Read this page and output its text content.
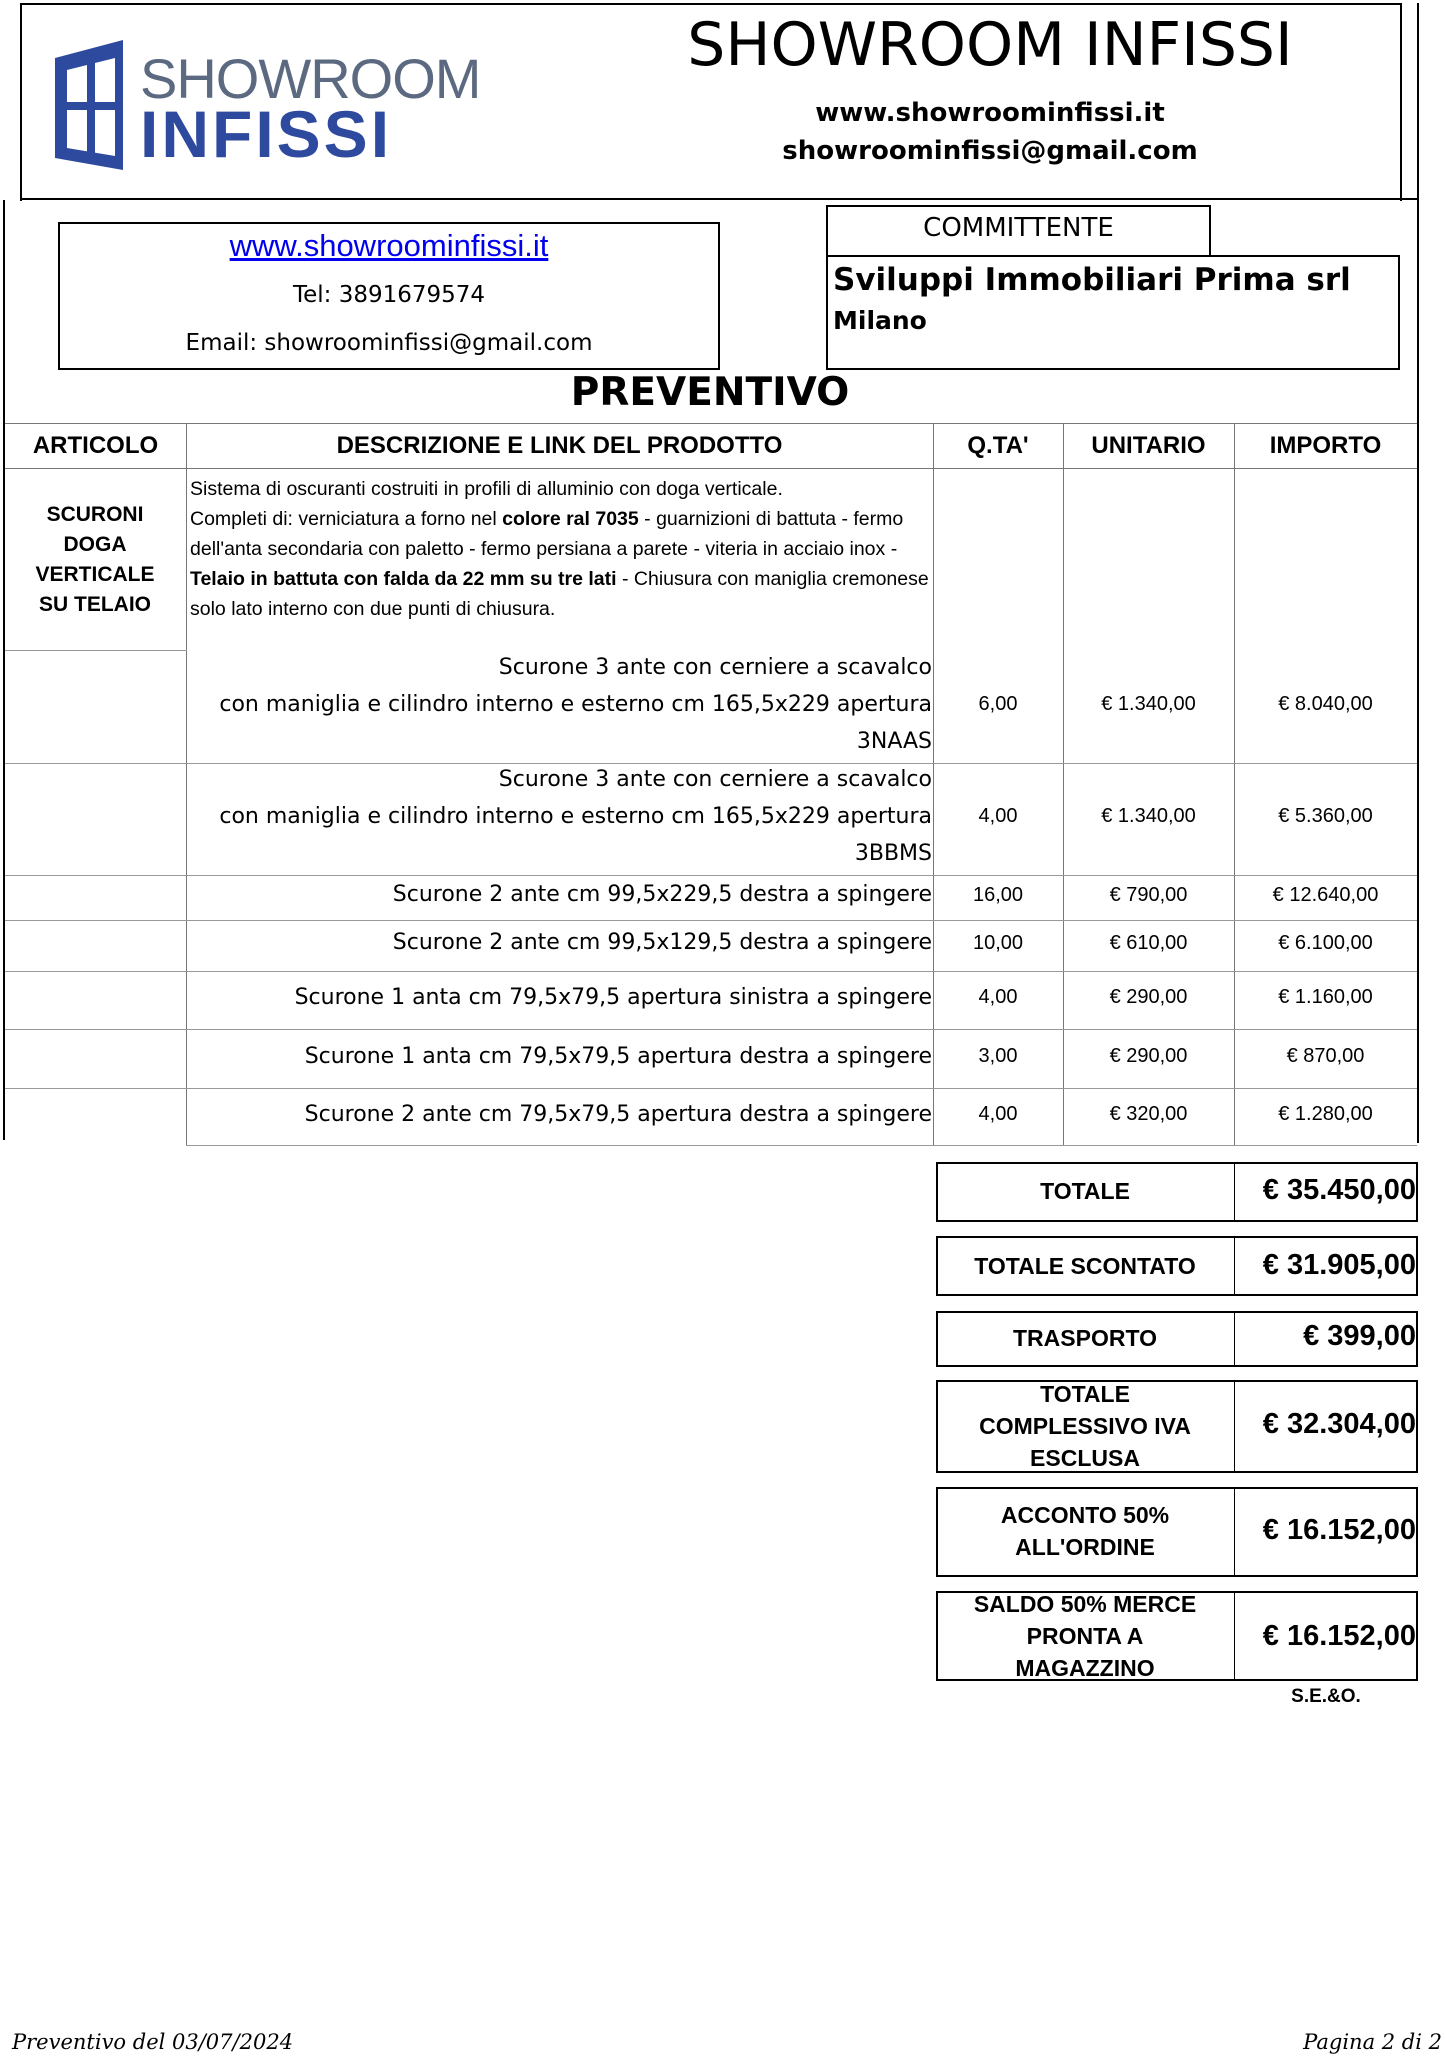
SHOWROOM
INFISSI
SHOWROOM INFISSI
www.showroominfissi.it
showroominfissi@gmail.com
www.showroominfissi.it
Tel: 3891679574
Email: showroominfissi@gmail.com
COMMITTENTE
Sviluppi Immobiliari Prima srl
Milano
PREVENTIVO
ARTICOLO	DESCRIZIONE E LINK DEL PRODOTTO	Q.TA'	UNITARIO	IMPORTO
SCURONI DOGA VERTICALE SU TELAIO
Sistema di oscuranti costruiti in profili di alluminio con doga verticale.
Completi di: verniciatura a forno nel colore ral 7035 - guarnizioni di battuta - fermo dell'anta secondaria con paletto - fermo persiana a parete - viteria in acciaio inox - Telaio in battuta con falda da 22 mm su tre lati - Chiusura con maniglia cremonese solo lato interno con due punti di chiusura.
Scurone 3 ante con cerniere a scavalco
con maniglia e cilindro interno e esterno cm 165,5x229 apertura
3NAAS
6,00	€ 1.340,00	€ 8.040,00
Scurone 3 ante con cerniere a scavalco
con maniglia e cilindro interno e esterno cm 165,5x229 apertura
3BBMS
4,00	€ 1.340,00	€ 5.360,00
Scurone 2 ante cm 99,5x229,5 destra a spingere	16,00	€ 790,00	€ 12.640,00
Scurone 2 ante cm 99,5x129,5 destra a spingere	10,00	€ 610,00	€ 6.100,00
Scurone 1 anta cm 79,5x79,5 apertura sinistra a spingere	4,00	€ 290,00	€ 1.160,00
Scurone 1 anta cm 79,5x79,5 apertura destra a spingere	3,00	€ 290,00	€ 870,00
Scurone 2 ante cm 79,5x79,5 apertura destra a spingere	4,00	€ 320,00	€ 1.280,00
TOTALE	€ 35.450,00
TOTALE SCONTATO	€ 31.905,00
TRASPORTO	€ 399,00
TOTALE
COMPLESSIVO IVA
ESCLUSA
€ 32.304,00
ACCONTO 50%
ALL'ORDINE
€ 16.152,00
SALDO 50% MERCE
PRONTA A
MAGAZZINO
€ 16.152,00
S.E.&O.
Preventivo del 03/07/2024	Pagina 2 di 2
